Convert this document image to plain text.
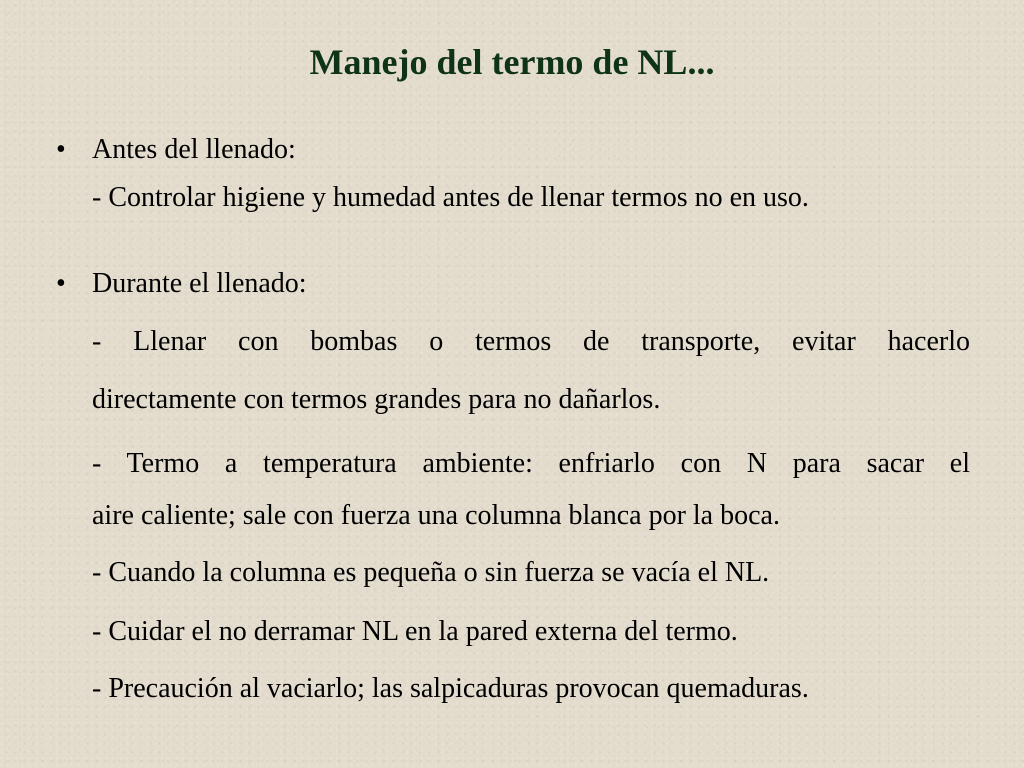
Manejo del termo de NL...
• Antes del llenado:
- Controlar higiene y humedad antes de llenar termos no en uso.
• Durante el llenado:
- Llenar con bombas o termos de transporte, evitar hacerlo
directamente con termos grandes para no dañarlos.
- Termo a temperatura ambiente: enfriarlo con N para sacar el
aire caliente; sale con fuerza una columna blanca por la boca.
- Cuando la columna es pequeña o sin fuerza se vacía el NL.
- Cuidar el no derramar NL en la pared externa del termo.
- Precaución al vaciarlo; las salpicaduras provocan quemaduras.
